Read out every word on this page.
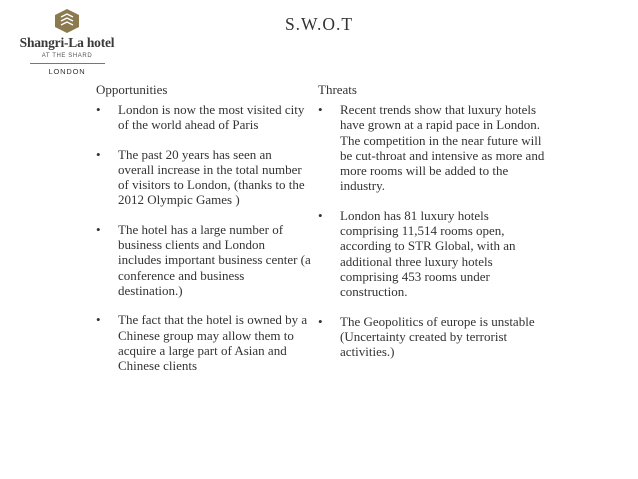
Shangri-La hotel
AT THE SHARD
LONDON
S.W.O.T
Opportunities
• London is now the most visited city of the world ahead of Paris
• The past 20 years has seen an overall increase in the total number of visitors to London, (thanks to the 2012 Olympic Games )
• The hotel has a large number of business clients and London includes important business center (a conference and business destination.)
• The fact that the hotel is owned by a Chinese group may allow them to acquire a large part of Asian and Chinese clients
Threats
• Recent trends show that luxury hotels have grown at a rapid pace in London. The competition in the near future will be cut-throat and intensive as more and more rooms will be added to the industry.
• London has 81 luxury hotels comprising 11,514 rooms open, according to STR Global, with an additional three luxury hotels comprising 453 rooms under construction.
• The Geopolitics of europe is unstable (Uncertainty created by terrorist activities.)
